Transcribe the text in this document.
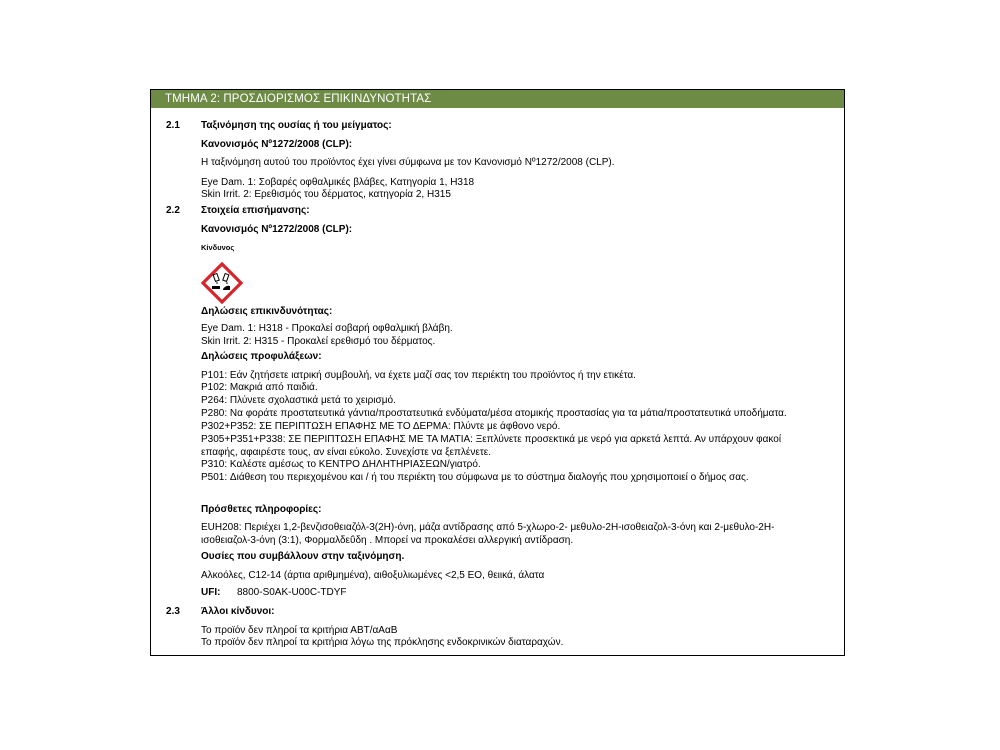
ΤΜΗΜΑ 2: ΠΡΟΣΔΙΟΡΙΣΜΟΣ ΕΠΙΚΙΝΔΥΝΟΤΗΤΑΣ
2.1 Ταξινόμηση της ουσίας ή του μείγματος:
Κανονισμός Nº1272/2008 (CLP):
Η ταξινόμηση αυτού του προϊόντος έχει γίνει σύμφωνα με τον Κανονισμό Nº1272/2008 (CLP).
Eye Dam. 1: Σοβαρές οφθαλμικές βλάβες, Κατηγορία 1, H318
Skin Irrit. 2: Ερεθισμός του δέρματος, κατηγορία 2, H315
2.2 Στοιχεία επισήμανσης:
Κανονισμός Nº1272/2008 (CLP):
Κίνδυνος
Δηλώσεις επικινδυνότητας:
Eye Dam. 1: H318 - Προκαλεί σοβαρή οφθαλμική βλάβη.
Skin Irrit. 2: H315 - Προκαλεί ερεθισμό του δέρματος.
Δηλώσεις προφυλάξεων:
P101: Εάν ζητήσετε ιατρική συμβουλή, να έχετε μαζί σας τον περιέκτη του προϊόντος ή την ετικέτα.
P102: Μακριά από παιδιά.
P264: Πλύνετε σχολαστικά μετά το χειρισμό.
P280: Να φοράτε προστατευτικά γάντια/προστατευτικά ενδύματα/μέσα ατομικής προστασίας για τα μάτια/προστατευτικά υποδήματα.
P302+P352: ΣΕ ΠΕΡΙΠΤΩΣΗ ΕΠΑΦΗΣ ΜΕ ΤΟ ΔΕΡΜΑ: Πλύντε με άφθονο νερό.
P305+P351+P338: ΣΕ ΠΕΡΙΠΤΩΣΗ ΕΠΑΦΗΣ ΜΕ ΤΑ ΜΑΤΙΑ: Ξεπλύνετε προσεκτικά με νερό για αρκετά λεπτά. Αν υπάρχουν φακοί
επαφής, αφαιρέστε τους, αν είναι εύκολο. Συνεχίστε να ξεπλένετε.
P310: Καλέστε αμέσως το ΚΕΝΤΡΟ ΔΗΛΗΤΗΡΙΑΣΕΩΝ/γιατρό.
P501: Διάθεση του περιεχομένου και / ή του περιέκτη του σύμφωνα με το σύστημα διαλογής που χρησιμοποιεί ο δήμος σας.
Πρόσθετες πληροφορίες:
EUH208: Περιέχει 1,2-βενζισοθειαζόλ-3(2Η)-όνη, μάζα αντίδρασης από 5-χλωρο-2- μεθυλο-2Η-ισοθειαζολ-3-όνη και 2-μεθυλο-2Η-
ισοθειαζολ-3-όνη (3:1), Φορμαλδεΰδη . Μπορεί να προκαλέσει αλλεργική αντίδραση.
Ουσίες που συμβάλλουν στην ταξινόμηση.
Αλκοόλες, C12-14 (άρτια αριθμημένα), αιθοξυλιωμένες <2,5 ΕΟ, θειικά, άλατα
UFI: 8800-S0AK-U00C-TDYF
2.3 Άλλοι κίνδυνοι:
Το προϊόν δεν πληροί τα κριτήρια ΑΒΤ/αΑαΒ
Το προϊόν δεν πληροί τα κριτήρια λόγω της πρόκλησης ενδοκρινικών διαταραχών.
